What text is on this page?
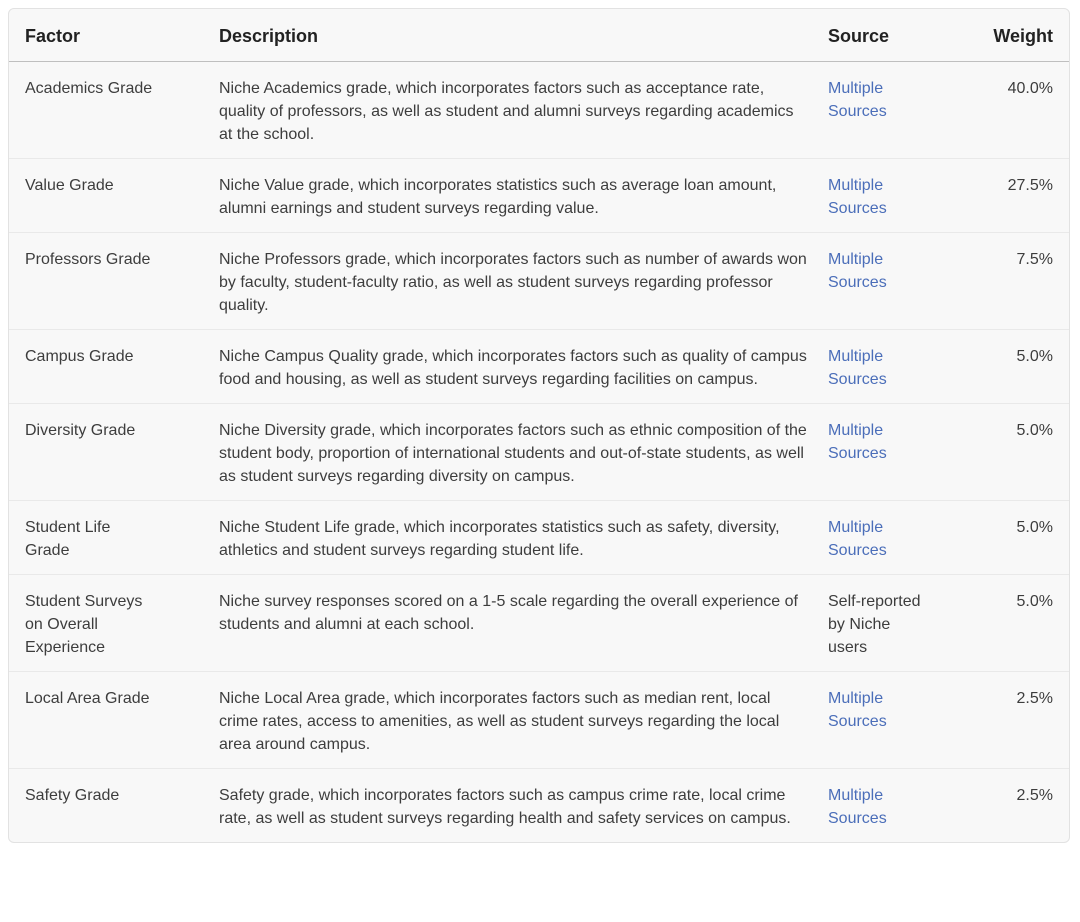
Factor	Description	Source	Weight
Academics Grade	Niche Academics grade, which incorporates factors such as acceptance rate, quality of professors, as well as student and alumni surveys regarding academics at the school.	Multiple Sources	40.0%
Value Grade	Niche Value grade, which incorporates statistics such as average loan amount, alumni earnings and student surveys regarding value.	Multiple Sources	27.5%
Professors Grade	Niche Professors grade, which incorporates factors such as number of awards won by faculty, student-faculty ratio, as well as student surveys regarding professor quality.	Multiple Sources	7.5%
Campus Grade	Niche Campus Quality grade, which incorporates factors such as quality of campus food and housing, as well as student surveys regarding facilities on campus.	Multiple Sources	5.0%
Diversity Grade	Niche Diversity grade, which incorporates factors such as ethnic composition of the student body, proportion of international students and out-of-state students, as well as student surveys regarding diversity on campus.	Multiple Sources	5.0%
Student Life Grade	Niche Student Life grade, which incorporates statistics such as safety, diversity, athletics and student surveys regarding student life.	Multiple Sources	5.0%
Student Surveys on Overall Experience	Niche survey responses scored on a 1-5 scale regarding the overall experience of students and alumni at each school.	Self-reported by Niche users	5.0%
Local Area Grade	Niche Local Area grade, which incorporates factors such as median rent, local crime rates, access to amenities, as well as student surveys regarding the local area around campus.	Multiple Sources	2.5%
Safety Grade	Safety grade, which incorporates factors such as campus crime rate, local crime rate, as well as student surveys regarding health and safety services on campus.	Multiple Sources	2.5%
